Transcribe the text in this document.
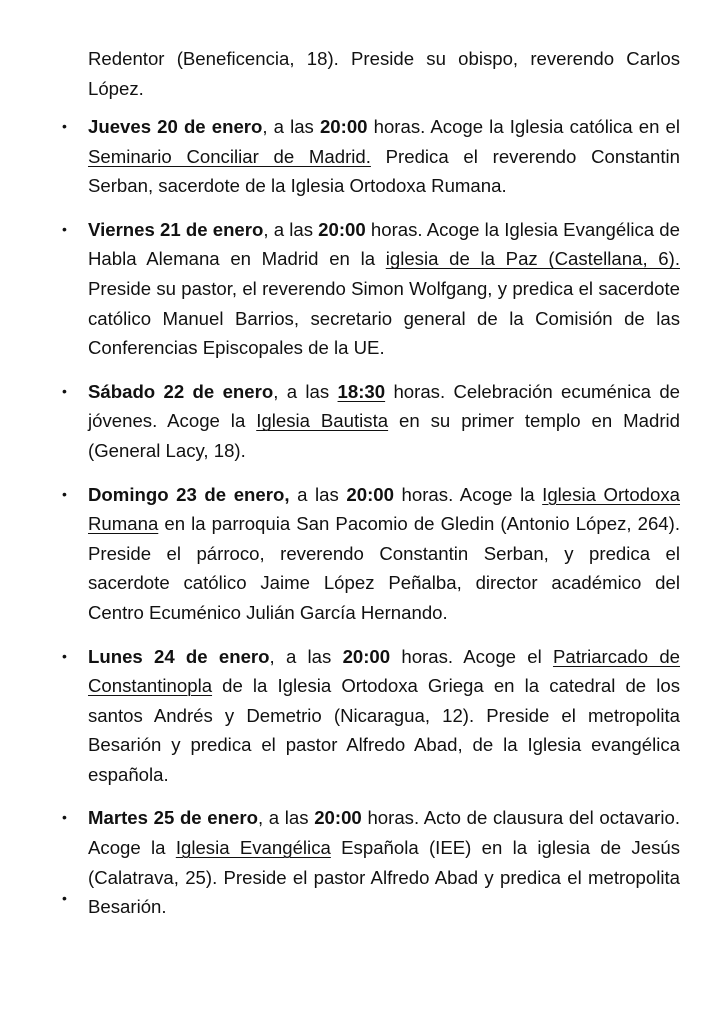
Redentor (Beneficencia, 18). Preside su obispo, reverendo Carlos López.

• Jueves 20 de enero, a las 20:00 horas. Acoge la Iglesia católica en el Seminario Conciliar de Madrid. Predica el reverendo Constantin Serban, sacerdote de la Iglesia Ortodoxa Rumana.
• Viernes 21 de enero, a las 20:00 horas. Acoge la Iglesia Evangélica de Habla Alemana en Madrid en la iglesia de la Paz (Castellana, 6). Preside su pastor, el reverendo Simon Wolfgang, y predica el sacerdote católico Manuel Barrios, secretario general de la Comisión de las Conferencias Episcopales de la UE.
• Sábado 22 de enero, a las 18:30 horas. Celebración ecuménica de jóvenes. Acoge la Iglesia Bautista en su primer templo en Madrid (General Lacy, 18).
• Domingo 23 de enero, a las 20:00 horas. Acoge la Iglesia Ortodoxa Rumana en la parroquia San Pacomio de Gledin (Antonio López, 264). Preside el párroco, reverendo Constantin Serban, y predica el sacerdote católico Jaime López Peñalba, director académico del Centro Ecuménico Julián García Hernando.
• Lunes 24 de enero, a las 20:00 horas. Acoge el Patriarcado de Constantinopla de la Iglesia Ortodoxa Griega en la catedral de los santos Andrés y Demetrio (Nicaragua, 12). Preside el metropolita Besarión y predica el pastor Alfredo Abad, de la Iglesia evangélica española.
• Martes 25 de enero, a las 20:00 horas. Acto de clausura del octavario. Acoge la Iglesia Evangélica Española (IEE) en la iglesia de Jesús (Calatrava, 25). Preside el pastor Alfredo Abad y predica el metropolita Besarión.
•
